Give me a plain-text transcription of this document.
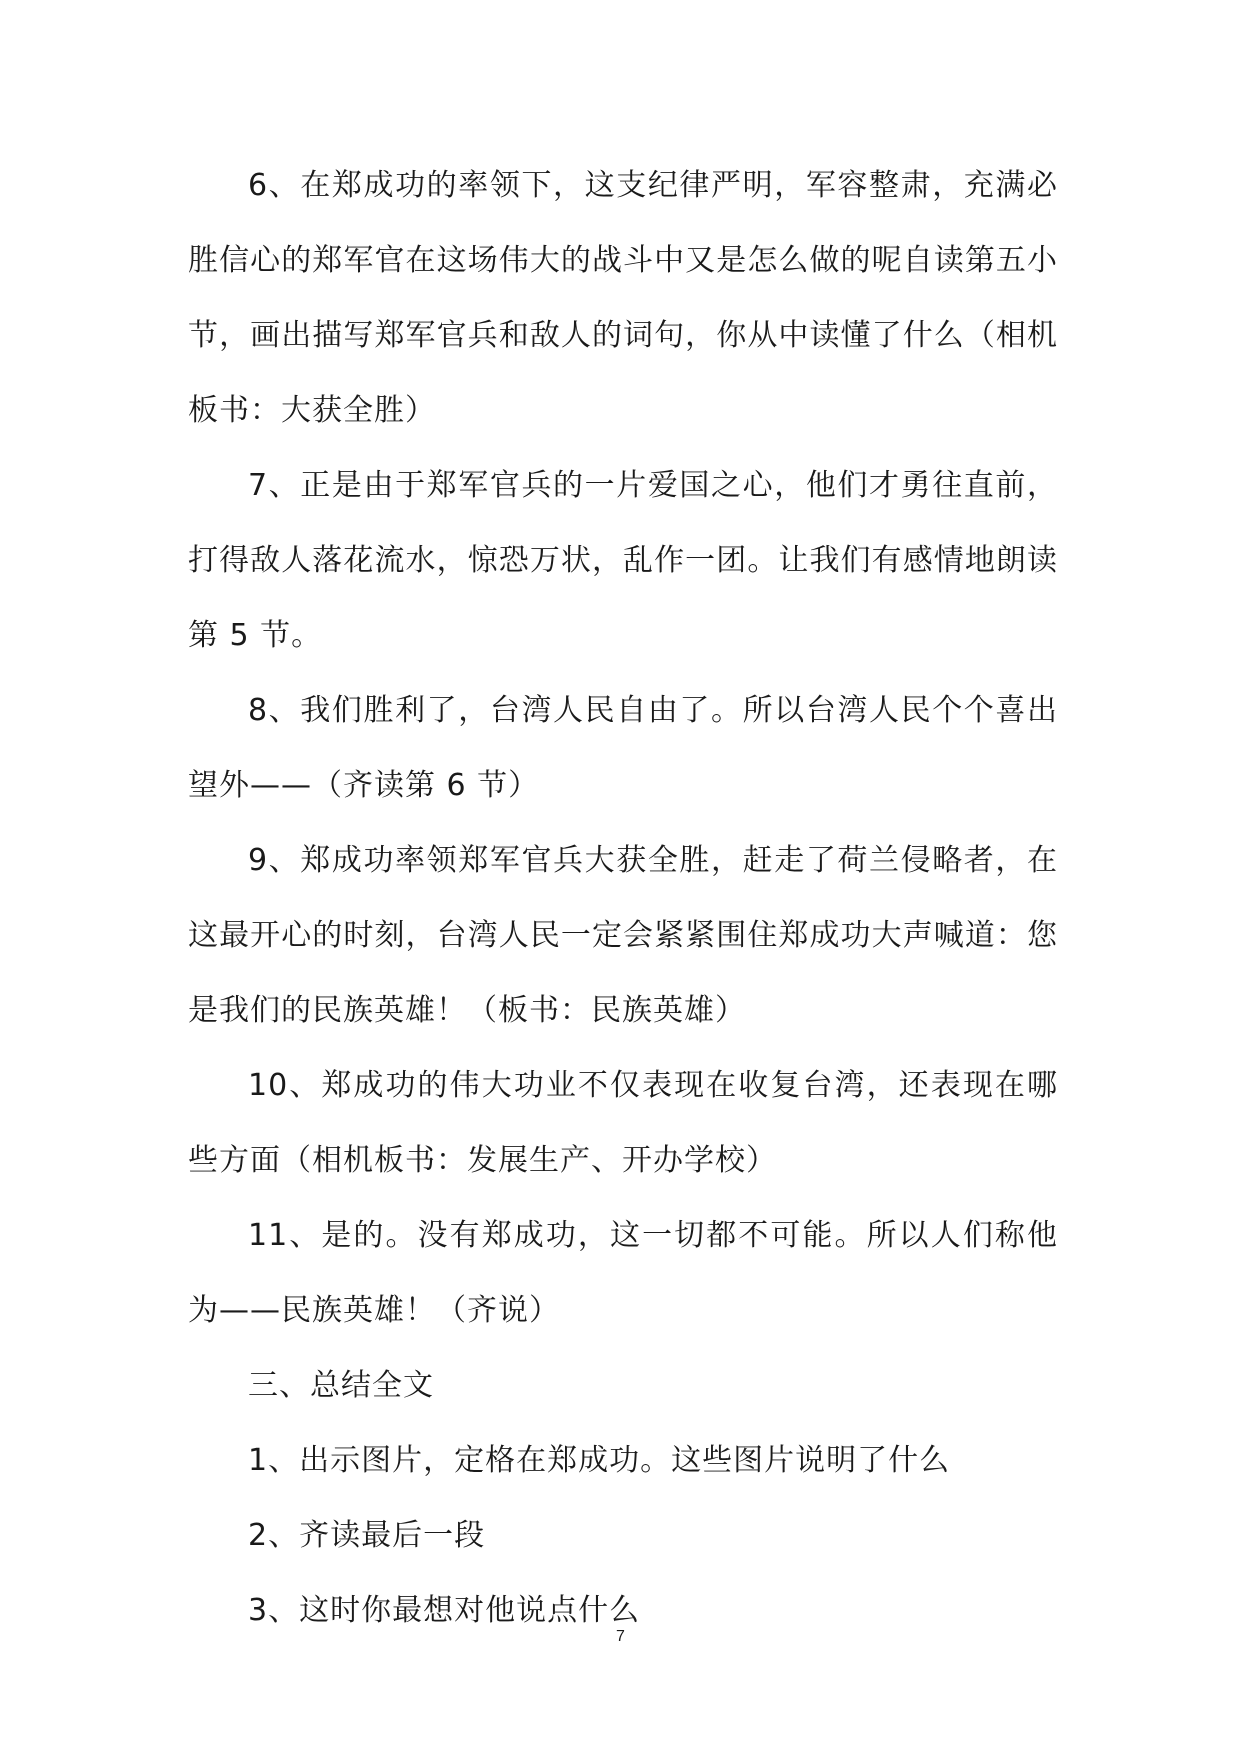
6、在郑成功的率领下，这支纪律严明，军容整肃，充满必胜信心的郑军官在这场伟大的战斗中又是怎么做的呢自读第五小节，画出描写郑军官兵和敌人的词句，你从中读懂了什么（相机板书：大获全胜）

7、正是由于郑军官兵的一片爱国之心，他们才勇往直前，打得敌人落花流水，惊恐万状，乱作一团。让我们有感情地朗读第 5 节。

8、我们胜利了，台湾人民自由了。所以台湾人民个个喜出望外——（齐读第 6 节）

9、郑成功率领郑军官兵大获全胜，赶走了荷兰侵略者，在这最开心的时刻，台湾人民一定会紧紧围住郑成功大声喊道：您是我们的民族英雄！（板书：民族英雄）

10、郑成功的伟大功业不仅表现在收复台湾，还表现在哪些方面（相机板书：发展生产、开办学校）

11、是的。没有郑成功，这一切都不可能。所以人们称他为——民族英雄！（齐说）

三、总结全文

1、出示图片，定格在郑成功。这些图片说明了什么

2、齐读最后一段

3、这时你最想对他说点什么

7
